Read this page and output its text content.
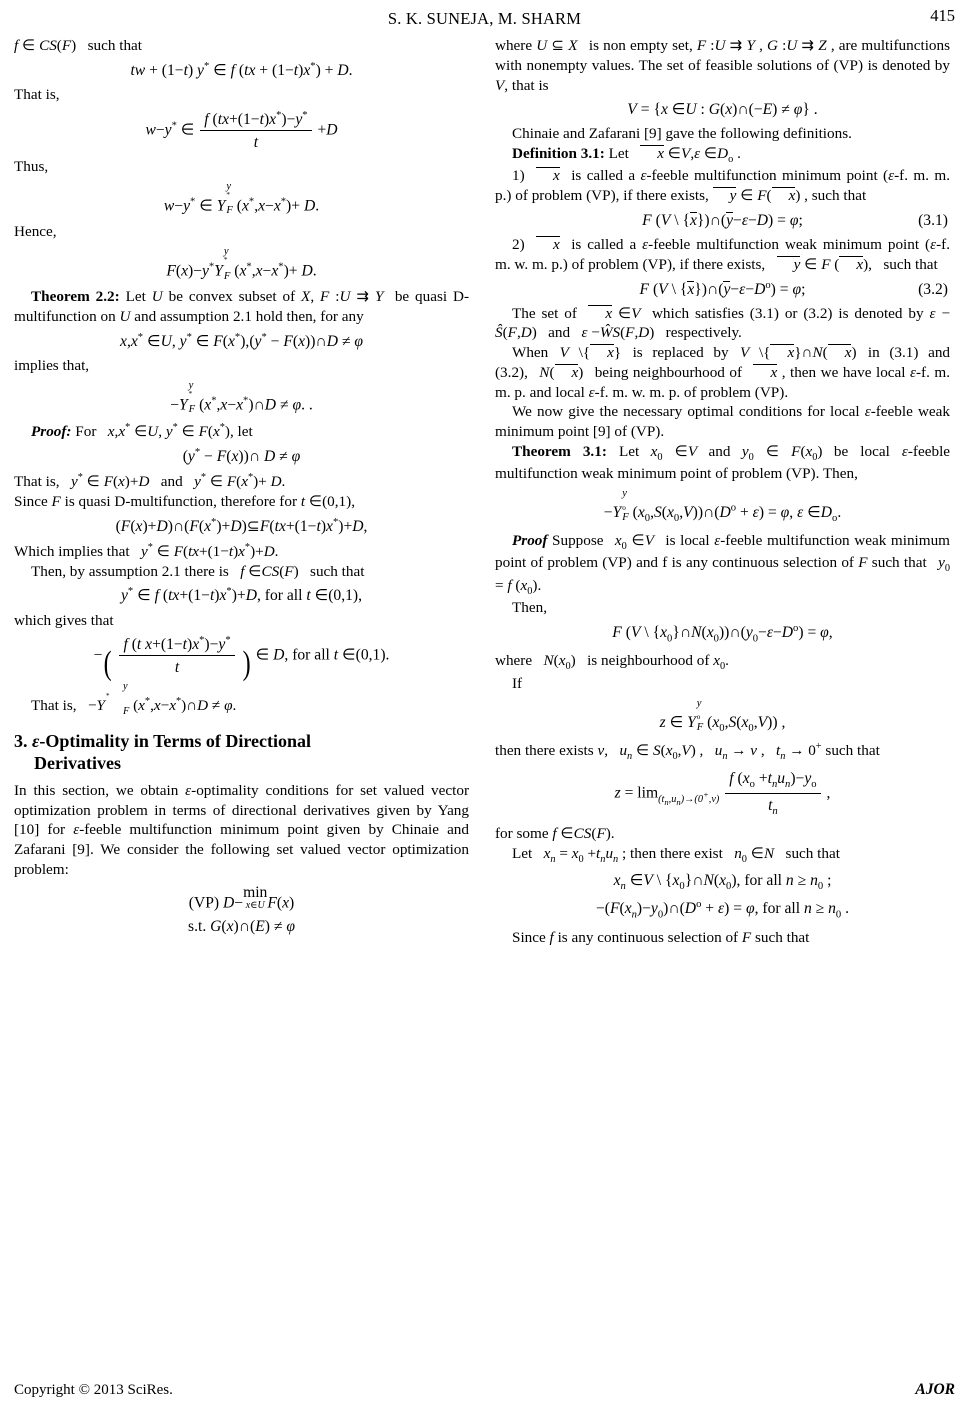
S. K. SUNEJA, M. SHARM	415

f ∈ CS(F) such that

tw + (1−t) y* ∈ f (tx + (1−t)x*) + D.

That is,

w−y* ∈ $\frac{f (tx+(1-t)x^*)-y^*}{t} +D$

Thus,

w−y* ∈ Y
y
*
F (x*,x−x*)+ D.

Hence,

F(x)−y*Y
y
*
F (x*,x−x*)+ D.

Theorem 2.2: Let U be convex subset of X, F :U ⇉ Y be quasi D-multifunction on U and assumption 2.1 hold then, for any

x,x* ∈U, y* ∈ F(x*),(y* − F(x))∩D ≠ φ

implies that,

−Y
y
*
F (x*,x−x*)∩D ≠ φ. .

Proof: For x,x* ∈U, y* ∈ F(x*), let

(y* − F(x))∩ D ≠ φ

That is, y* ∈ F(x)+D and y* ∈ F(x*)+ D.

Since F is quasi D-multifunction, therefore for t ∈(0,1),

(F(x)+D)∩(F(x*)+D)⊆F(tx+(1−t)x*)+D,

Which implies that y* ∈ F(tx+(1−t)x*)+D.

Then, by assumption 2.1 there is f ∈CS(F) such that

y* ∈ f (tx+(1−t)x*)+D, for all t ∈(0,1),

which gives that

−( $\frac{f (t x+(1-t)x^*)-y^*}{t}$ ) ∈ D, for all t ∈(0,1).

That is, −Y
y
*
F (x*,x−x*)∩D ≠ φ.

3. ε-Optimality in Terms of Directional
Derivatives

In this section, we obtain ε-optimality conditions for set valued vector optimization problem in terms of directional derivatives given by Yang [10] for ε-feeble multifunction minimum point given by Chinaie and Zafarani [9]. We consider the following set valued vector optimization problem:

(VP) D−
min
x∈U F(x)
s.t. G(x)∩(E) ≠ φ

where U ⊆ X is non empty set, F :U ⇉ Y , G :U ⇉ Z , are multifunctions with nonempty values. The set of feasible solutions of (VP) is denoted by V, that is

V = {x ∈U : G(x)∩(−E) ≠ φ} .

Chinaie and Zafarani [9] gave the following definitions.

Definition 3.1: Let x ∈V,ε $\in D_o$ .

1) x is called a ε-feeble multifunction minimum point (ε-f. m. m. p.) of problem (VP), if there exists, y ∈ F( x) , such that

F (V \ {x})∩(y−ε−D) = φ;	(3.1)

2) x is called a ε-feeble multifunction weak minimum point (ε-f. m. w. m. p.) of problem (VP), if there exists, y ∈ F ( x), such that

F (V \ $\{x\})\cap(y-\varepsilon-D^o) = \varphi$;	(3.2)

The set of x ∈V which satisfies (3.1) or (3.2) is denoted by ε − Ŝ(F,D) and ε −ŴS(F,D) respectively.

When V \{ x} is replaced by V \{ x}∩N( x) in (3.1) and (3.2), N( x) being neighbourhood of x , then we have local ε-f. m. m. p. and local ε-f. m. w. m. p. of problem (VP).

We now give the necessary optimal conditions for local ε-feeble weak minimum point [9] of (VP).

Theorem 3.1: Let $x_0$ ∈V and $y_0$ ∈ $F(x_0)$ be local ε-feeble multifunction weak minimum point of problem (VP). Then,

−Y
y
$_o$
F $(x_0,S(x_0,V))\cap(D^o + \varepsilon) = \varphi$, ε $\in D_o$.

Proof Suppose $x_0$ ∈V is local ε-feeble multifunction weak minimum point of problem (VP) and f is any continuous selection of F such that $y_0 = f$ $(x_0)$.

Then,

F (V \ $\{x_0\}\cap N(x_0))\cap(y_0-\varepsilon-D^o) = \varphi$,

where $N(x_0)$ is neighbourhood of $x_0$.

If

z ∈ Y
y
$_o$
F $(x_0,S(x_0,V))$ ,

then there exists v, $u_n$ ∈ $S(x_0,V)$ , $u_n \to v$ , $t_n \to 0^+$ such that

$z = \lim_{(t_n,u_n)\to(0^+,v)} \frac{f (x_o +t_nu_n)-y_o}{t_n}$ ,

for some f ∈CS(F).

Let $x_n = x_0 +t_nu_n$ ; then there exist $n_0$ ∈N such that

$x_n$ ∈V \ $\{x_0\}\cap N(x_0)$, for all $n \ge n_0$ ;
$-(F(x_n)-y_0)\cap(D^o + \varepsilon) = \varphi$, for all $n \ge n_0$ .

Since f is any continuous selection of F such that

Copyright © 2013 SciRes.	AJOR
